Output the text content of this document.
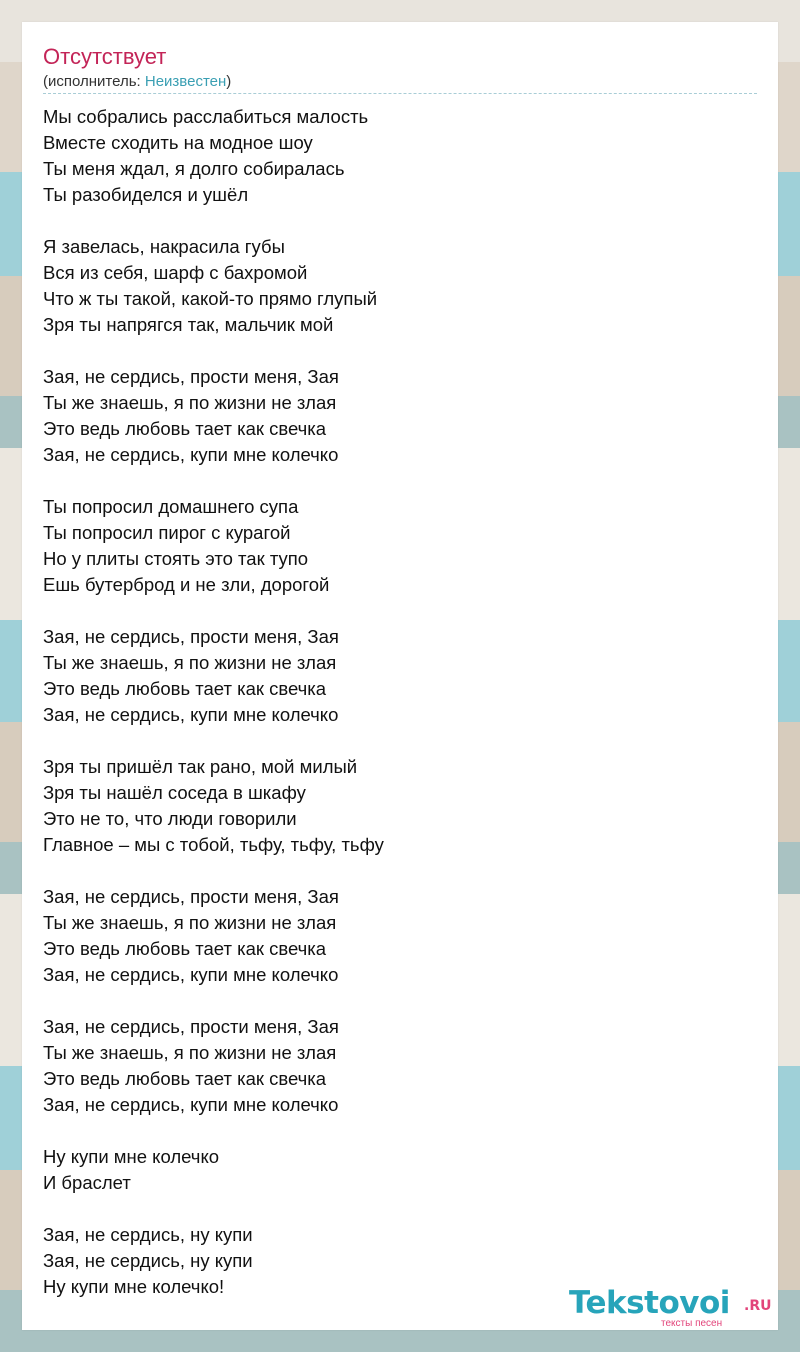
Отсутствует
(исполнитель: Неизвестен)
Мы собрались расслабиться малость
Вместе сходить на модное шоу
Ты меня ждал, я долго собиралась
Ты разобиделся и ушёл
Я завелась, накрасила губы
Вся из себя, шарф с бахромой
Что ж ты такой, какой-то прямо глупый
Зря ты напрягся так, мальчик мой
Зая, не сердись, прости меня, Зая
Ты же знаешь, я по жизни не злая
Это ведь любовь тает как свечка
Зая, не сердись, купи мне колечко
Ты попросил домашнего супа
Ты попросил пирог с курагой
Но у плиты стоять это так тупо
Ешь бутерброд и не зли, дорогой
Зая, не сердись, прости меня, Зая
Ты же знаешь, я по жизни не злая
Это ведь любовь тает как свечка
Зая, не сердись, купи мне колечко
Зря ты пришёл так рано, мой милый
Зря ты нашёл соседа в шкафу
Это не то, что люди говорили
Главное – мы с тобой, тьфу, тьфу, тьфу
Зая, не сердись, прости меня, Зая
Ты же знаешь, я по жизни не злая
Это ведь любовь тает как свечка
Зая, не сердись, купи мне колечко
Зая, не сердись, прости меня, Зая
Ты же знаешь, я по жизни не злая
Это ведь любовь тает как свечка
Зая, не сердись, купи мне колечко
Ну купи мне колечко
И браслет
Зая, не сердись, ну купи
Зая, не сердись, ну купи
Ну купи мне колечко!	Tekstovoi .RU
тексты песен
